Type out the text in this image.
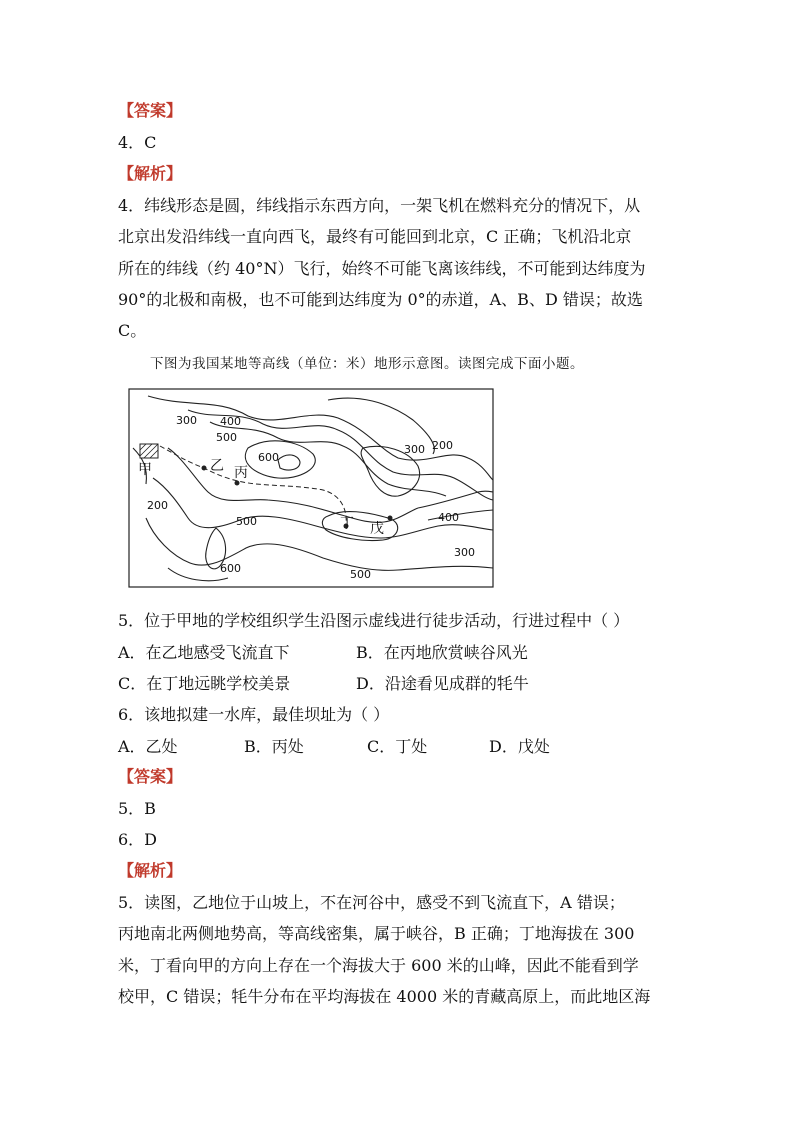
【答案】
4．C
【解析】
4．纬线形态是圆，纬线指示东西方向，一架飞机在燃料充分的情况下，从
北京出发沿纬线一直向西飞，最终有可能回到北京，C 正确；飞机沿北京
所在的纬线（约 40°N）飞行，始终不可能飞离该纬线，不可能到达纬度为
90°的北极和南极，也不可能到达纬度为 0°的赤道，A、B、D 错误；故选
C。
下图为我国某地等高线（单位：米）地形示意图。读图完成下面小题。
300 400
500
600
200
300
200
500	400
300
600	500
甲	乙 丙
丁 戊
5．位于甲地的学校组织学生沿图示虚线进行徒步活动，行进过程中（ ）
A．在乙地感受飞流直下	B．在丙地欣赏峡谷风光
C．在丁地远眺学校美景	D．沿途看见成群的牦牛
6．该地拟建一水库，最佳坝址为（ ）
A．乙处	B．丙处	C．丁处	D．戊处
【答案】
5．B
6．D
【解析】
5．读图，乙地位于山坡上，不在河谷中，感受不到飞流直下，A 错误；
丙地南北两侧地势高，等高线密集，属于峡谷，B 正确；丁地海拔在 300
米，丁看向甲的方向上存在一个海拔大于 600 米的山峰，因此不能看到学
校甲，C 错误；牦牛分布在平均海拔在 4000 米的青藏高原上，而此地区海
